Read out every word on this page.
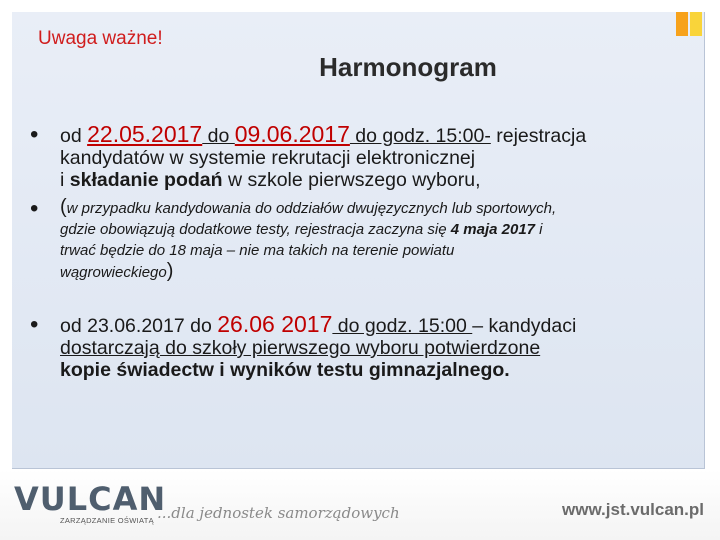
Uwaga ważne!
Harmonogram
• od 22.05.2017 do 09.06.2017 do godz. 15:00- rejestracja
kandydatów w systemie rekrutacji elektronicznej
i składanie podań w szkole pierwszego wyboru,
• (w przypadku kandydowania do oddziałów dwujęzycznych lub sportowych,
gdzie obowiązują dodatkowe testy, rejestracja zaczyna się 4 maja 2017 i
trwać będzie do 18 maja – nie ma takich na terenie powiatu
wągrowieckiego)
• od 23.06.2017 do 26.06 2017 do godz. 15:00 – kandydaci
dostarczają do szkoły pierwszego wyboru potwierdzone
kopie świadectw i wyników testu gimnazjalnego.
VULCAN
ZARZĄDZANIE OŚWIATĄ ...dla jednostek samorządowych	www.jst.vulcan.pl
